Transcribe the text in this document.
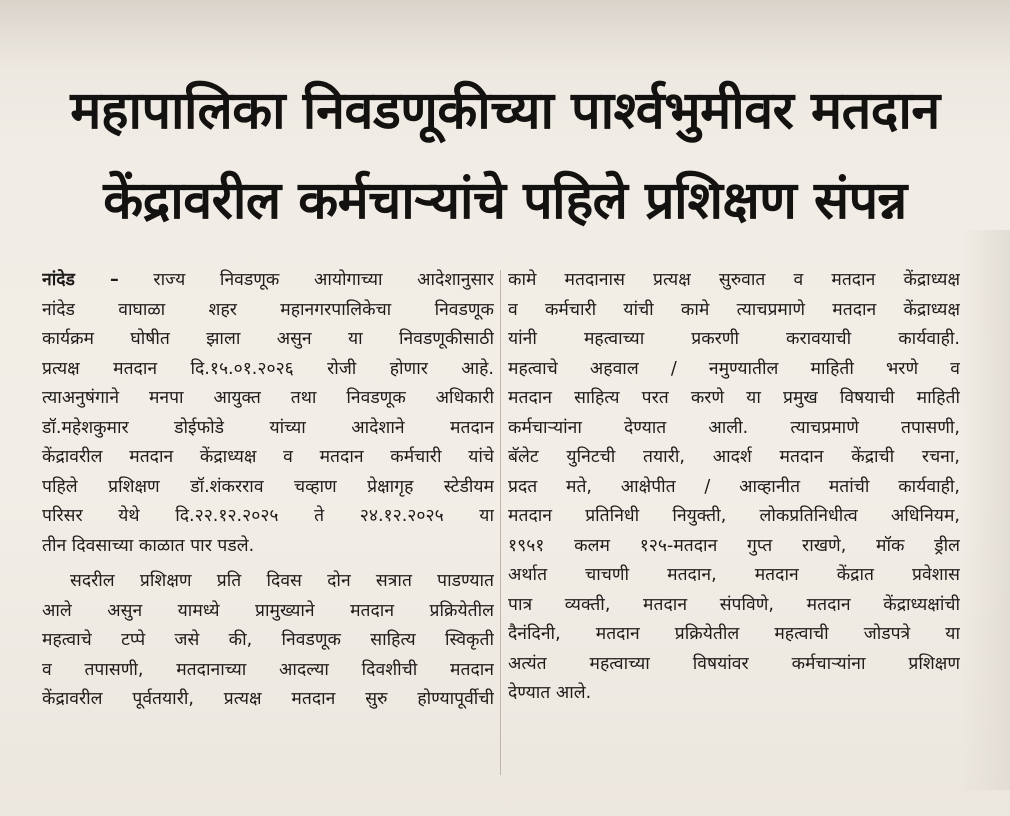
महापालिका निवडणूकीच्या पार्श्वभुमीवर मतदान
केंद्रावरील कर्मचाऱ्यांचे पहिले प्रशिक्षण संपन्न
नांदेड – राज्य निवडणूक आयोगाच्या आदेशानुसार
नांदेड वाघाळा शहर महानगरपालिकेचा निवडणूक
कार्यक्रम घोषीत झाला असुन या निवडणूकीसाठी
प्रत्यक्ष मतदान दि.१५.०१.२०२६ रोजी होणार आहे.
त्याअनुषंगाने मनपा आयुक्त तथा निवडणूक अधिकारी
डॉ.महेशकुमार डोईफोडे यांच्या आदेशाने मतदान
केंद्रावरील मतदान केंद्राध्यक्ष व मतदान कर्मचारी यांचे
पहिले प्रशिक्षण डॉ.शंकरराव चव्हाण प्रेक्षागृह स्टेडीयम
परिसर येथे दि.२२.१२.२०२५ ते २४.१२.२०२५ या
तीन दिवसाच्या काळात पार पडले.
सदरील प्रशिक्षण प्रति दिवस दोन सत्रात पाडण्यात
आले असुन यामध्ये प्रामुख्याने मतदान प्रक्रियेतील
महत्वाचे टप्पे जसे की, निवडणूक साहित्य स्विकृती
व तपासणी, मतदानाच्या आदल्या दिवशीची मतदान
केंद्रावरील पूर्वतयारी, प्रत्यक्ष मतदान सुरु होण्यापूर्वीची
कामे मतदानास प्रत्यक्ष सुरुवात व मतदान केंद्राध्यक्ष
व कर्मचारी यांची कामे त्याचप्रमाणे मतदान केंद्राध्यक्ष
यांनी महत्वाच्या प्रकरणी करावयाची कार्यवाही.
महत्वाचे अहवाल / नमुण्यातील माहिती भरणे व
मतदान साहित्य परत करणे या प्रमुख विषयाची माहिती
कर्मचाऱ्यांना देण्यात आली. त्याचप्रमाणे तपासणी,
बॅलेट युनिटची तयारी, आदर्श मतदान केंद्राची रचना,
प्रदत मते, आक्षेपीत / आव्हानीत मतांची कार्यवाही,
मतदान प्रतिनिधी नियुक्ती, लोकप्रतिनिधीत्व अधिनियम,
१९५१ कलम १२५-मतदान गुप्त राखणे, मॉक ड्रील
अर्थात चाचणी मतदान, मतदान केंद्रात प्रवेशास
पात्र व्यक्ती, मतदान संपविणे, मतदान केंद्राध्यक्षांची
दैनंदिनी, मतदान प्रक्रियेतील महत्वाची जोडपत्रे या
अत्यंत महत्वाच्या विषयांवर कर्मचाऱ्यांना प्रशिक्षण
देण्यात आले.
